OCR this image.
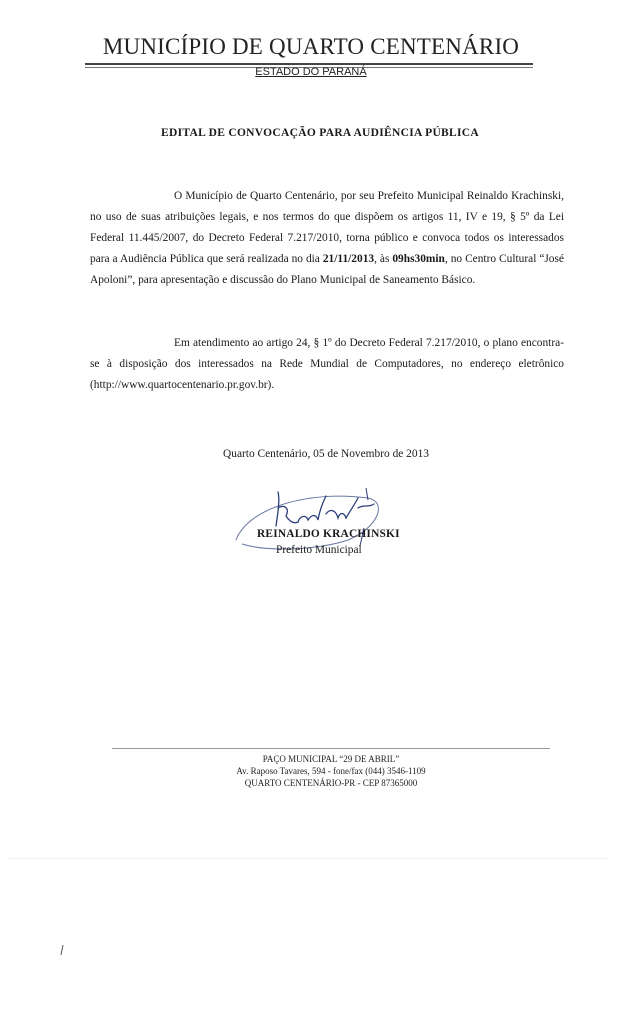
MUNICÍPIO DE QUARTO CENTENÁRIO
ESTADO DO PARANÁ
EDITAL DE CONVOCAÇÃO PARA AUDIÊNCIA PÚBLICA
O Município de Quarto Centenário, por seu Prefeito Municipal Reinaldo Krachinski, no uso de suas atribuições legais, e nos termos do que dispõem os artigos 11, IV e 19, § 5º da Lei Federal 11.445/2007, do Decreto Federal 7.217/2010, torna público e convoca todos os interessados para a Audiência Pública que será realizada no dia 21/11/2013, às 09hs30min, no Centro Cultural “José Apoloni”, para apresentação e discussão do Plano Municipal de Saneamento Básico.
Em atendimento ao artigo 24, § 1º do Decreto Federal 7.217/2010, o plano encontra-se à disposição dos interessados na Rede Mundial de Computadores, no endereço eletrônico (http://www.quartocentenario.pr.gov.br).
Quarto Centenário, 05 de Novembro de 2013
REINALDO KRACHINSKI
Prefeito Municipal
PAÇO MUNICIPAL “29 DE ABRIL”
Av. Raposo Tavares, 594 - fone/fax (044) 3546-1109
QUARTO CENTENÁRIO-PR - CEP 87365000
